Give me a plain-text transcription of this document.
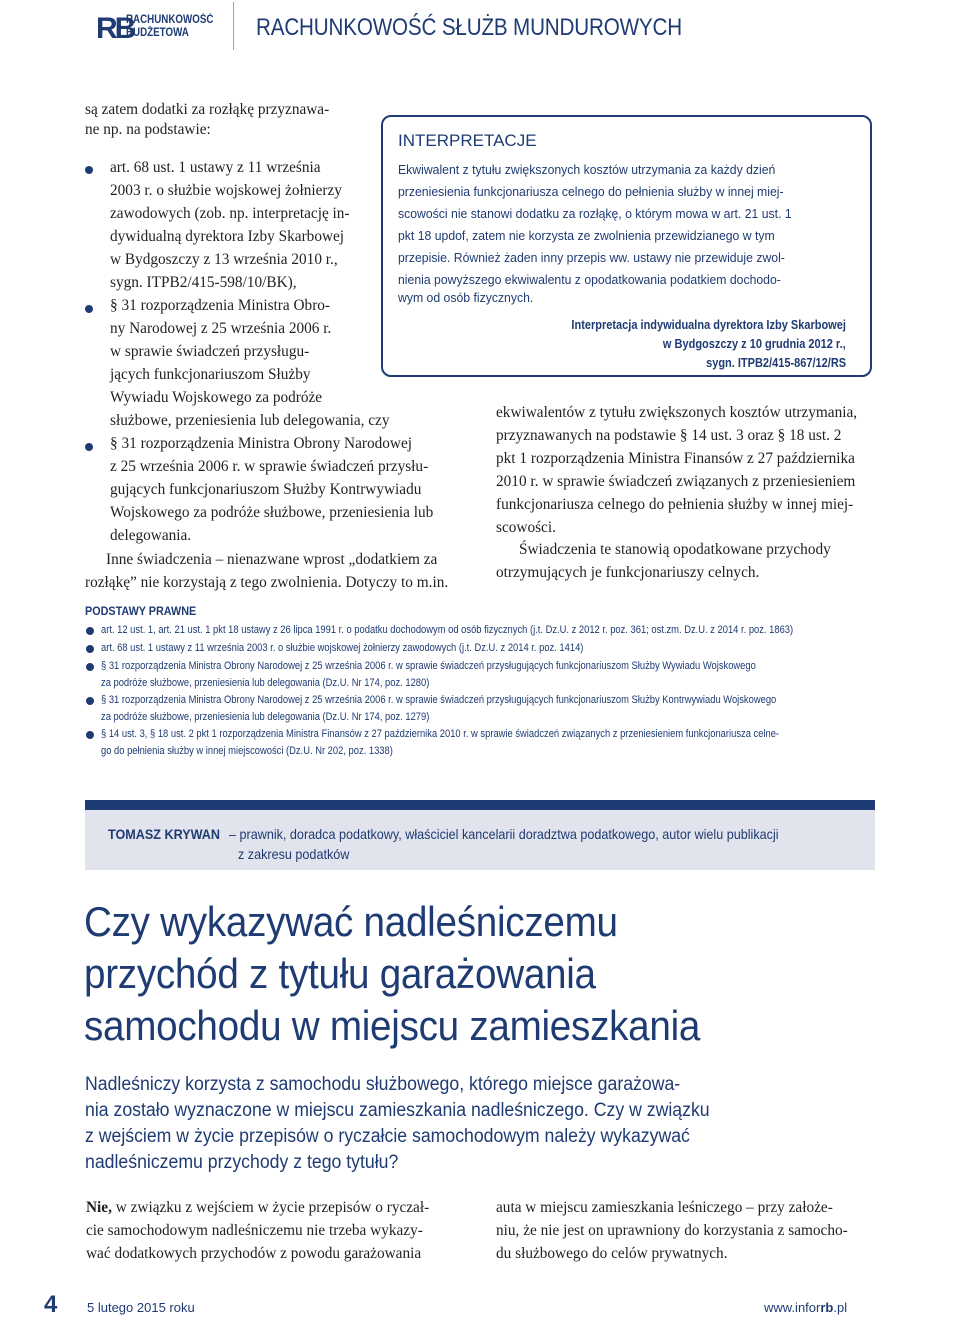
RB
RACHUNKOWOŚĆ
BUDŻETOWA	RACHUNKOWOŚĆ SŁUŻB MUNDUROWYCH
są zatem dodatki za rozłąkę przyznawa-
ne np. na podstawie:
art. 68 ust. 1 ustawy z 11 września
2003 r. o służbie wojskowej żołnierzy
zawodowych (zob. np. interpretację in-
dywidualną dyrektora Izby Skarbowej
w Bydgoszczy z 13 września 2010 r.,
sygn. ITPB2/415-598/10/BK),
§ 31 rozporządzenia Ministra Obro-
ny Narodowej z 25 września 2006 r.
w sprawie świadczeń przysługu-
jących funkcjonariuszom Służby
Wywiadu Wojskowego za podróże
służbowe, przeniesienia lub delegowania, czy
§ 31 rozporządzenia Ministra Obrony Narodowej
z 25 września 2006 r. w sprawie świadczeń przysłu-
gujących funkcjonariuszom Służby Kontrwywiadu
Wojskowego za podróże służbowe, przeniesienia lub
delegowania.
Inne świadczenia – nienazwane wprost „dodatkiem za
rozłąkę” nie korzystają z tego zwolnienia. Dotyczy to m.in.
INTERPRETACJE
Ekwiwalent z tytułu zwiększonych kosztów utrzymania za każdy dzień
przeniesienia funkcjonariusza celnego do pełnienia służby w innej miej-
scowości nie stanowi dodatku za rozłąkę, o którym mowa w art. 21 ust. 1
pkt 18 updof, zatem nie korzysta ze zwolnienia przewidzianego w tym
przepisie. Również żaden inny przepis ww. ustawy nie przewiduje zwol-
nienia powyższego ekwiwalentu z opodatkowania podatkiem dochodo-
wym od osób fizycznych.
Interpretacja indywidualna dyrektora Izby Skarbowej
w Bydgoszczy z 10 grudnia 2012 r.,
sygn. ITPB2/415-867/12/RS
ekwiwalentów z tytułu zwiększonych kosztów utrzymania,
przyznawanych na podstawie § 14 ust. 3 oraz § 18 ust. 2
pkt 1 rozporządzenia Ministra Finansów z 27 października
2010 r. w sprawie świadczeń związanych z przeniesieniem
funkcjonariusza celnego do pełnienia służby w innej miej-
scowości.
Świadczenia te stanowią opodatkowane przychody
otrzymujących je funkcjonariuszy celnych.
PODSTAWY PRAWNE
art. 12 ust. 1, art. 21 ust. 1 pkt 18 ustawy z 26 lipca 1991 r. o podatku dochodowym od osób fizycznych (j.t. Dz.U. z 2012 r. poz. 361; ost.zm. Dz.U. z 2014 r. poz. 1863)
art. 68 ust. 1 ustawy z 11 września 2003 r. o służbie wojskowej żołnierzy zawodowych (j.t. Dz.U. z 2014 r. poz. 1414)
§ 31 rozporządzenia Ministra Obrony Narodowej z 25 września 2006 r. w sprawie świadczeń przysługujących funkcjonariuszom Służby Wywiadu Wojskowego
za podróże służbowe, przeniesienia lub delegowania (Dz.U. Nr 174, poz. 1280)
§ 31 rozporządzenia Ministra Obrony Narodowej z 25 września 2006 r. w sprawie świadczeń przysługujących funkcjonariuszom Służby Kontrwywiadu Wojskowego
za podróże służbowe, przeniesienia lub delegowania (Dz.U. Nr 174, poz. 1279)
§ 14 ust. 3, § 18 ust. 2 pkt 1 rozporządzenia Ministra Finansów z 27 października 2010 r. w sprawie świadczeń związanych z przeniesieniem funkcjonariusza celne-
go do pełnienia służby w innej miejscowości (Dz.U. Nr 202, poz. 1338)
TOMASZ KRYWAN – prawnik, doradca podatkowy, właściciel kancelarii doradztwa podatkowego, autor wielu publikacji
z zakresu podatków
Czy wykazywać nadleśniczemu
przychód z tytułu garażowania
samochodu w miejscu zamieszkania
Nadleśniczy korzysta z samochodu służbowego, którego miejsce garażowa-
nia zostało wyznaczone w miejscu zamieszkania nadleśniczego. Czy w związku
z wejściem w życie przepisów o ryczałcie samochodowym należy wykazywać
nadleśniczemu przychody z tego tytułu?
Nie, w związku z wejściem w życie przepisów o ryczał-
cie samochodowym nadleśniczemu nie trzeba wykazy-
wać dodatkowych przychodów z powodu garażowania
auta w miejscu zamieszkania leśniczego – przy założe-
niu, że nie jest on uprawniony do korzystania z samocho-
du służbowego do celów prywatnych.
4 5 lutego 2015 roku	www.inforrb.pl
